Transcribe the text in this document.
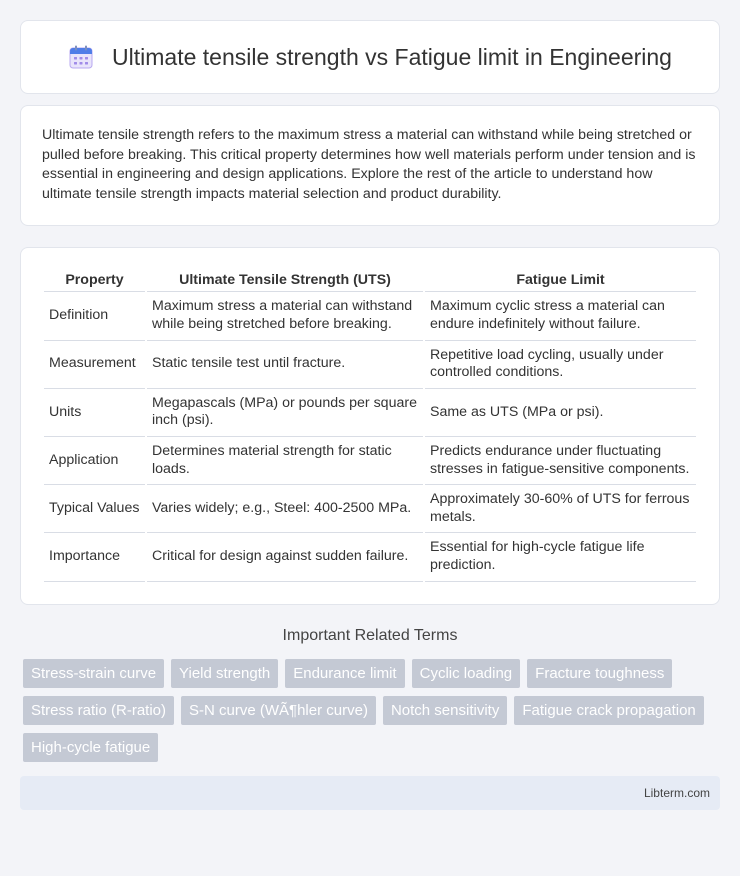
Ultimate tensile strength vs Fatigue limit in Engineering

Ultimate tensile strength refers to the maximum stress a material can withstand while being stretched or pulled before breaking. This critical property determines how well materials perform under tension and is essential in engineering and design applications. Explore the rest of the article to understand how ultimate tensile strength impacts material selection and product durability.

Property	Ultimate Tensile Strength (UTS)	Fatigue Limit
Definition	Maximum stress a material can withstand while being stretched before breaking.	Maximum cyclic stress a material can endure indefinitely without failure.
Measurement	Static tensile test until fracture.	Repetitive load cycling, usually under controlled conditions.
Units	Megapascals (MPa) or pounds per square inch (psi).	Same as UTS (MPa or psi).
Application	Determines material strength for static loads.	Predicts endurance under fluctuating stresses in fatigue-sensitive components.
Typical Values	Varies widely; e.g., Steel: 400-2500 MPa.	Approximately 30-60% of UTS for ferrous metals.
Importance	Critical for design against sudden failure.	Essential for high-cycle fatigue life prediction.
Important Related Terms
Stress-strain curve	Yield strength	Endurance limit	Cyclic loading	Fracture toughness
Stress ratio (R-ratio)	S-N curve (WÃ¶hler curve)	Notch sensitivity	Fatigue crack propagation
High-cycle fatigue
Libterm.com
